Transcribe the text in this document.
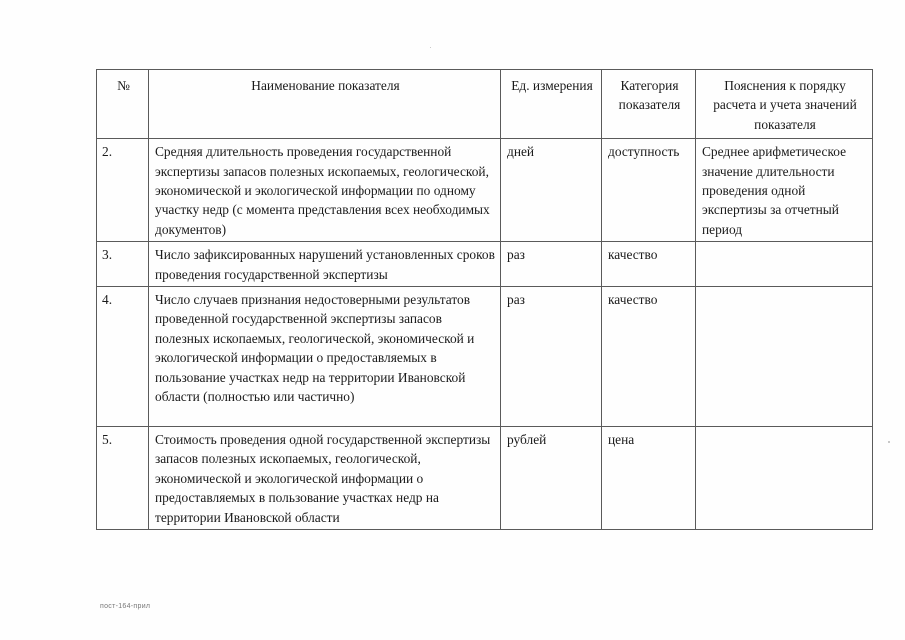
№	Наименование показателя	Ед. измерения	Категория показателя	Пояснения к порядку расчета и учета значений показателя
2.	Средняя длительность проведения государственной экспертизы запасов полезных ископаемых, геологической, экономической и экологической информации по одному участку недр (с момента представления всех необходимых документов)	дней	доступность	Среднее арифметическое значение длительности проведения одной экспертизы за отчетный период
3.	Число зафиксированных нарушений установленных сроков проведения государственной экспертизы	раз	качество	
4.	Число случаев признания недостоверными результатов проведенной государственной экспертизы запасов полезных ископаемых, геологической, экономической и экологической информации о предоставляемых в пользование участках недр на территории Ивановской области (полностью или частично)	раз	качество	
5.	Стоимость проведения одной государственной экспертизы запасов полезных ископаемых, геологической, экономической и экологической информации о предоставляемых в пользование участках недр на территории Ивановской области	рублей	цена	
пост-164-прил
